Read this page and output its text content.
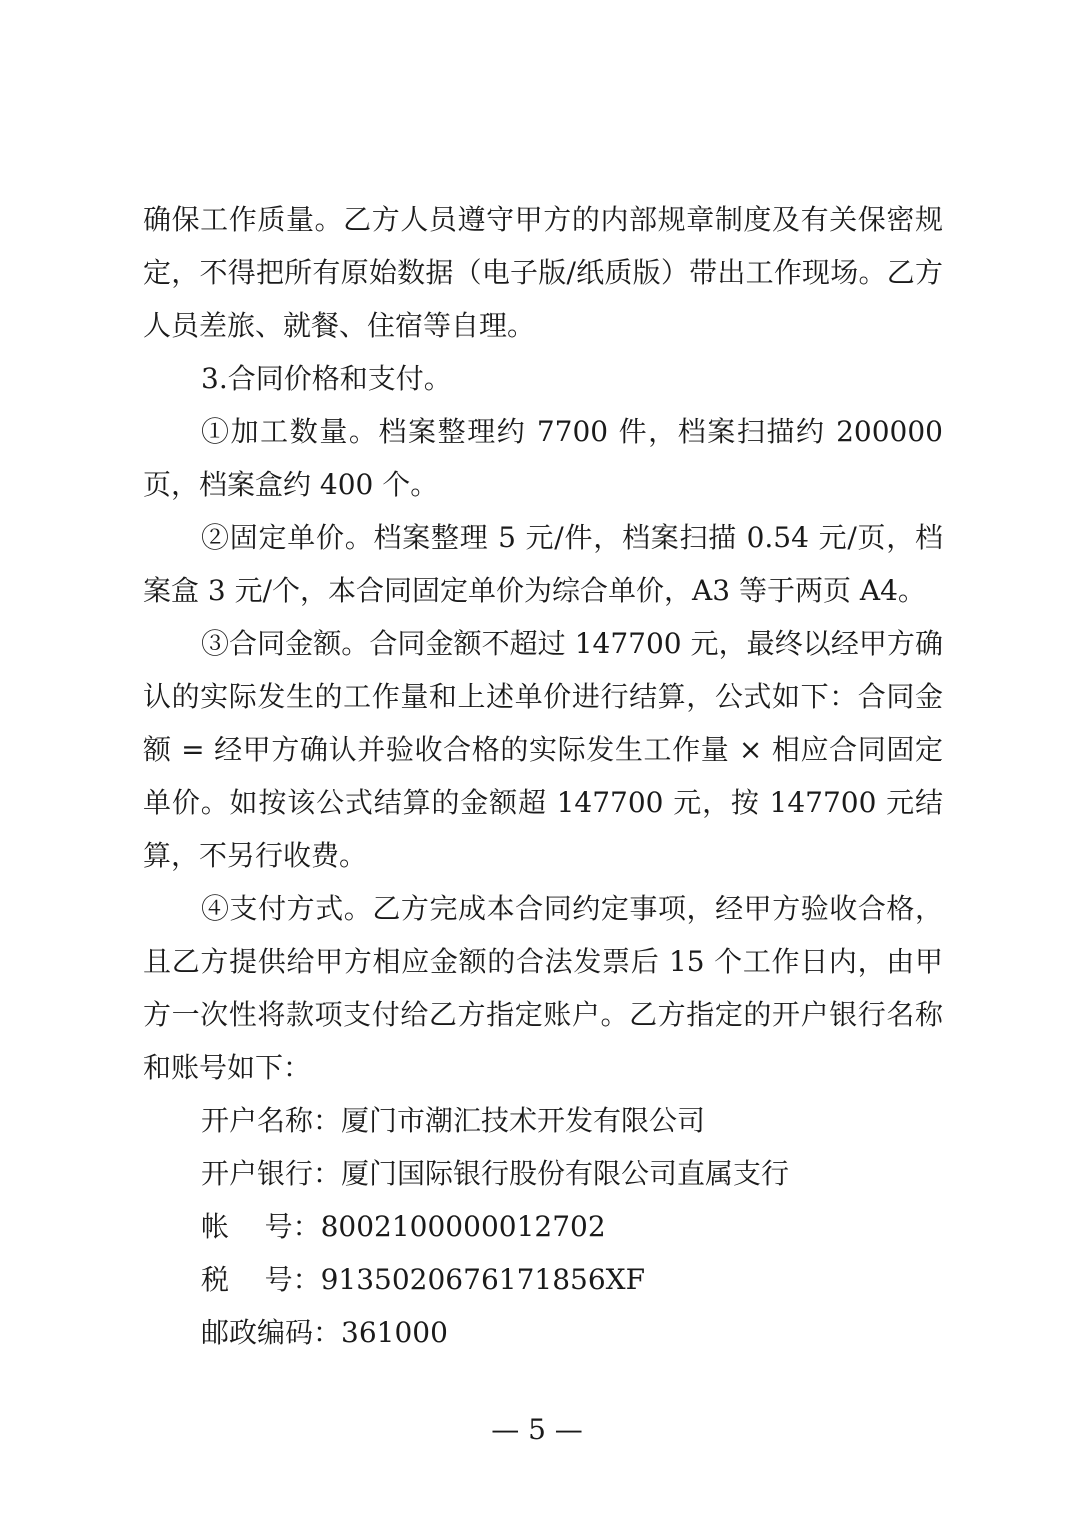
确保工作质量。乙方人员遵守甲方的内部规章制度及有关保密规定，不得把所有原始数据（电子版/纸质版）带出工作现场。乙方人员差旅、就餐、住宿等自理。

3.合同价格和支付。

①加工数量。档案整理约 7700 件，档案扫描约 200000 页，档案盒约 400 个。

②固定单价。档案整理 5 元/件，档案扫描 0.54 元/页，档案盒 3 元/个，本合同固定单价为综合单价，A3 等于两页 A4。

③合同金额。合同金额不超过 147700 元，最终以经甲方确认的实际发生的工作量和上述单价进行结算，公式如下：合同金额 = 经甲方确认并验收合格的实际发生工作量 × 相应合同固定单价。如按该公式结算的金额超 147700 元，按 147700 元结算，不另行收费。

④支付方式。乙方完成本合同约定事项，经甲方验收合格，且乙方提供给甲方相应金额的合法发票后 15 个工作日内，由甲方一次性将款项支付给乙方指定账户。乙方指定的开户银行名称和账号如下：

开户名称：厦门市潮汇技术开发有限公司

开户银行：厦门国际银行股份有限公司直属支行

帐    号：8002100000012702

税    号：9135020676171856XF

邮政编码：361000

— 5 —
